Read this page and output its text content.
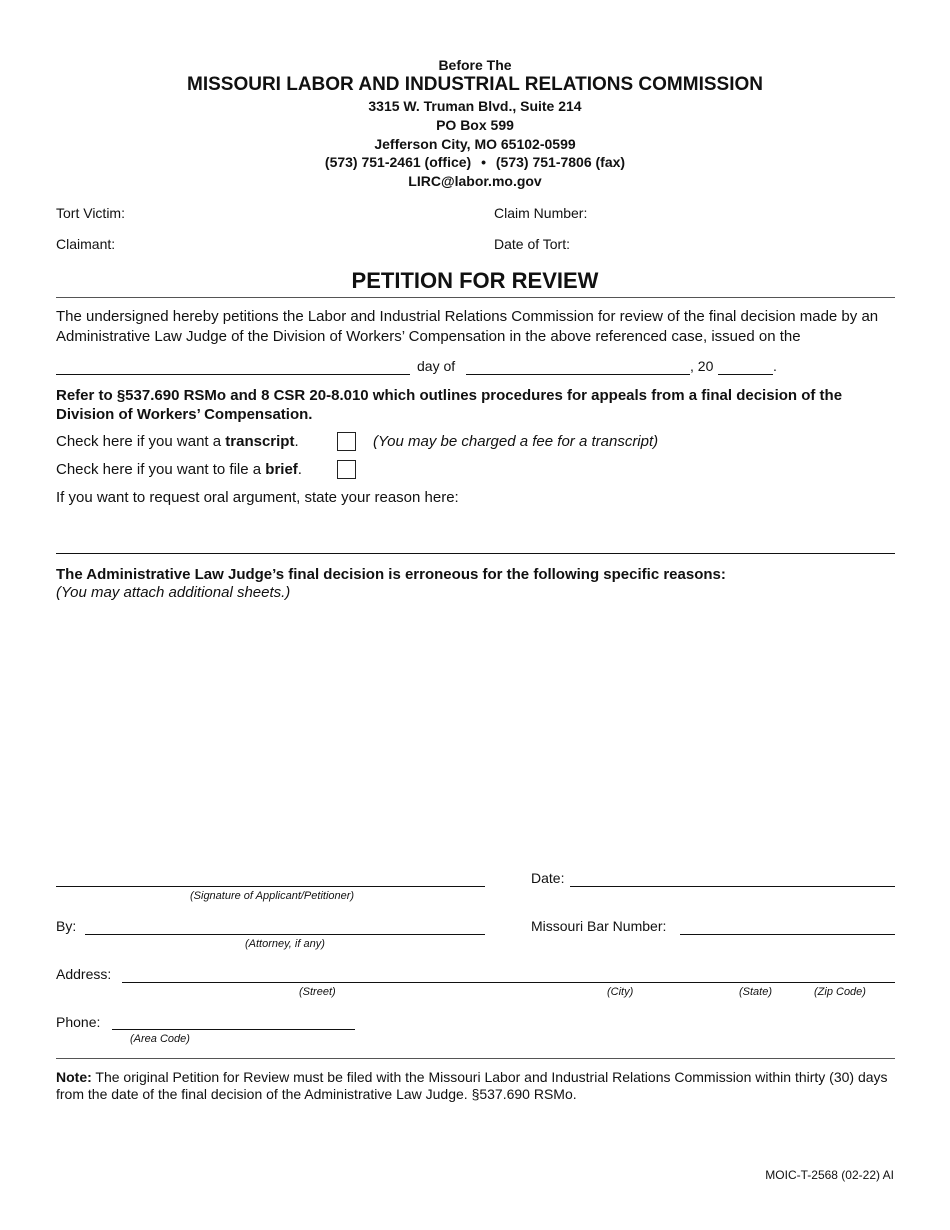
Before The
MISSOURI LABOR AND INDUSTRIAL RELATIONS COMMISSION
3315 W. Truman Blvd., Suite 214
PO Box 599
Jefferson City, MO 65102-0599
(573) 751-2461 (office) • (573) 751-7806 (fax)
LIRC@labor.mo.gov
Tort Victim:	Claim Number:
Claimant:	Date of Tort:
PETITION FOR REVIEW
The undersigned hereby petitions the Labor and Industrial Relations Commission for review of the final decision made by an Administrative Law Judge of the Division of Workers’ Compensation in the above referenced case, issued on the
day of	, 20	.
Refer to §537.690 RSMo and 8 CSR 20-8.010 which outlines procedures for appeals from a final decision of the Division of Workers’ Compensation.
Check here if you want a transcript.	(You may be charged a fee for a transcript)
Check here if you want to file a brief.
If you want to request oral argument, state your reason here:
The Administrative Law Judge’s final decision is erroneous for the following specific reasons:
(You may attach additional sheets.)
(Signature of Applicant/Petitioner)
Date:
By:
(Attorney, if any)
Missouri Bar Number:
Address:
(Street)	(City)	(State)	(Zip Code)
Phone:
(Area Code)
Note: The original Petition for Review must be filed with the Missouri Labor and Industrial Relations Commission within thirty (30) days from the date of the final decision of the Administrative Law Judge. §537.690 RSMo.
MOIC-T-2568 (02-22) AI
